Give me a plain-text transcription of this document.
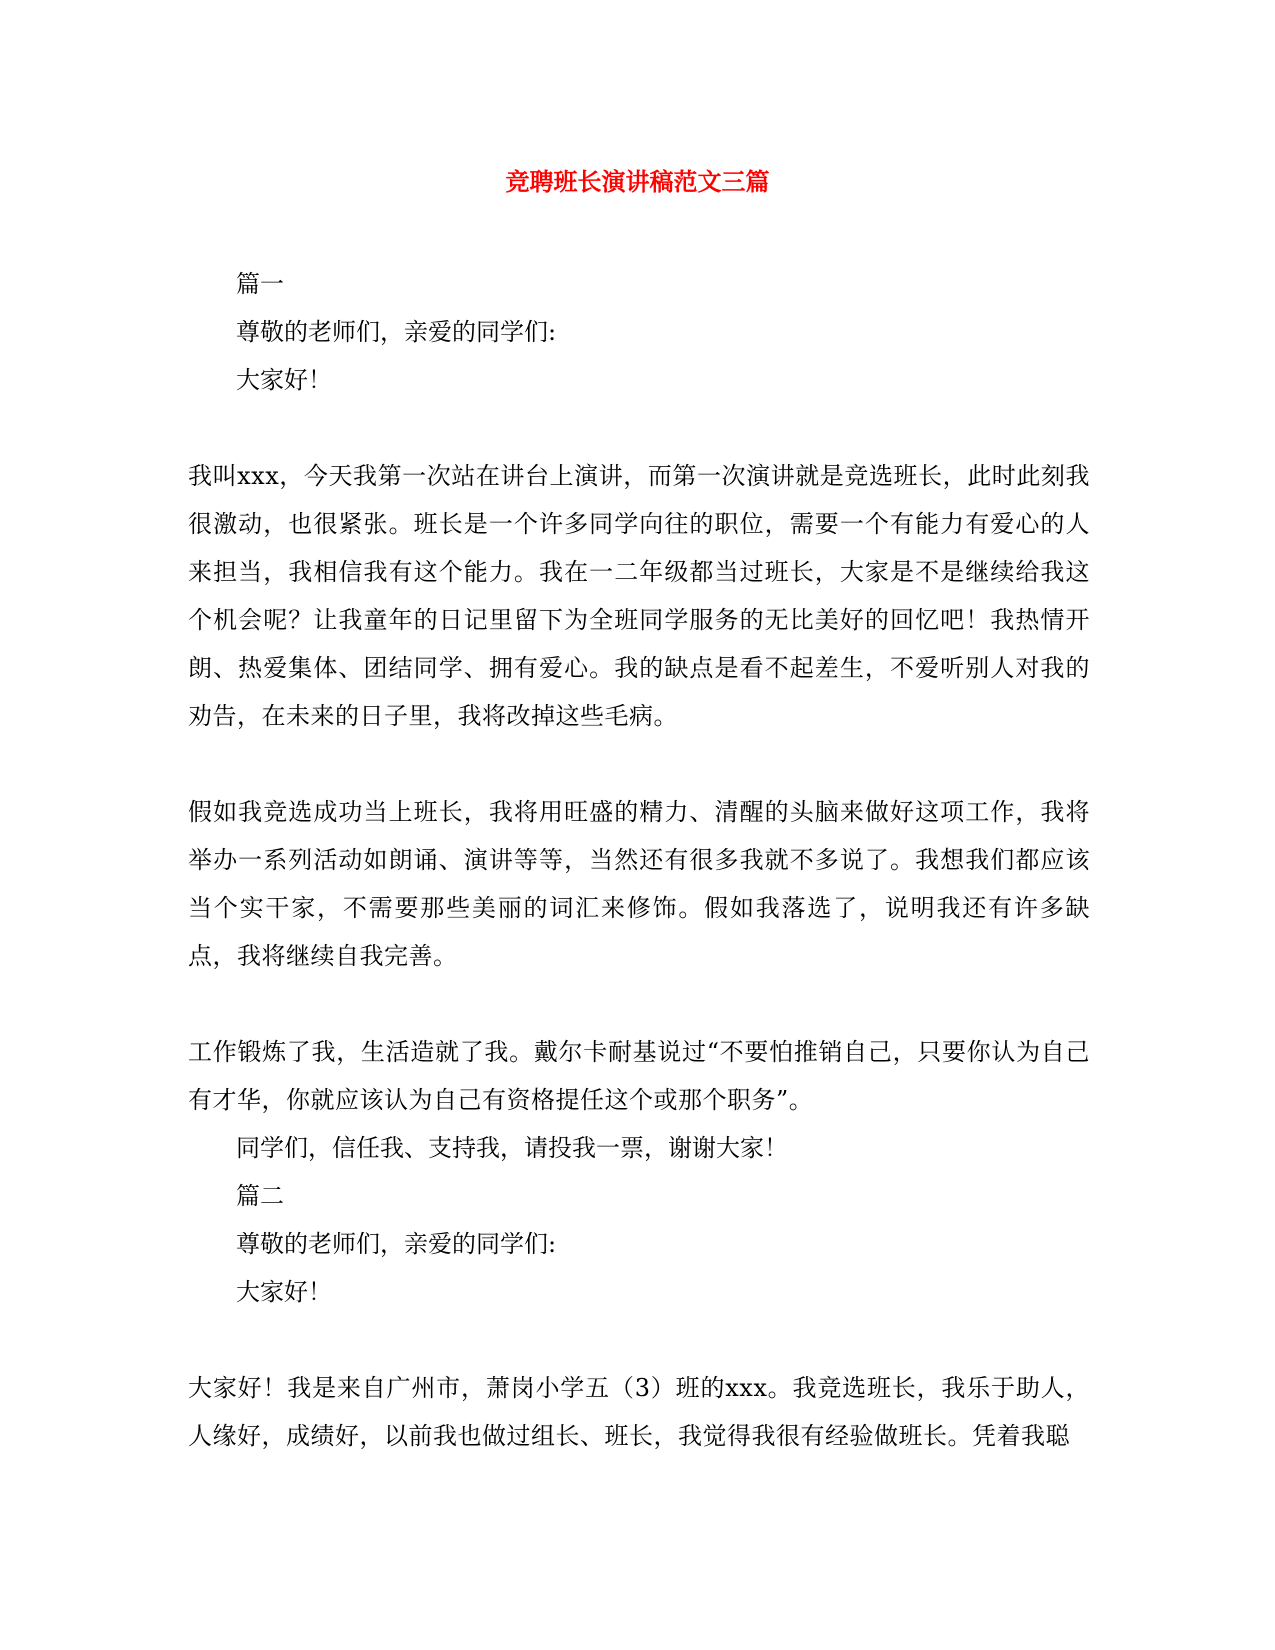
竞聘班长演讲稿范文三篇
篇一
尊敬的老师们，亲爱的同学们:
大家好！
我叫xxx，今天我第一次站在讲台上演讲，而第一次演讲就是竞选班长，此时此刻我很激动，也很紧张。班长是一个许多同学向往的职位，需要一个有能力有爱心的人来担当，我相信我有这个能力。我在一二年级都当过班长，大家是不是继续给我这个机会呢？让我童年的日记里留下为全班同学服务的无比美好的回忆吧！我热情开朗、热爱集体、团结同学、拥有爱心。我的缺点是看不起差生，不爱听别人对我的劝告，在未来的日子里，我将改掉这些毛病。
假如我竞选成功当上班长，我将用旺盛的精力、清醒的头脑来做好这项工作，我将举办一系列活动如朗诵、演讲等等，当然还有很多我就不多说了。我想我们都应该当个实干家，不需要那些美丽的词汇来修饰。假如我落选了，说明我还有许多缺点，我将继续自我完善。
工作锻炼了我，生活造就了我。戴尔卡耐基说过“不要怕推销自己，只要你认为自己有才华，你就应该认为自己有资格提任这个或那个职务”。
同学们，信任我、支持我，请投我一票，谢谢大家！
篇二
尊敬的老师们，亲爱的同学们:
大家好！
大家好！我是来自广州市，萧岗小学五（3）班的xxx。我竞选班长，我乐于助人，人缘好，成绩好，以前我也做过组长、班长，我觉得我很有经验做班长。凭着我聪
